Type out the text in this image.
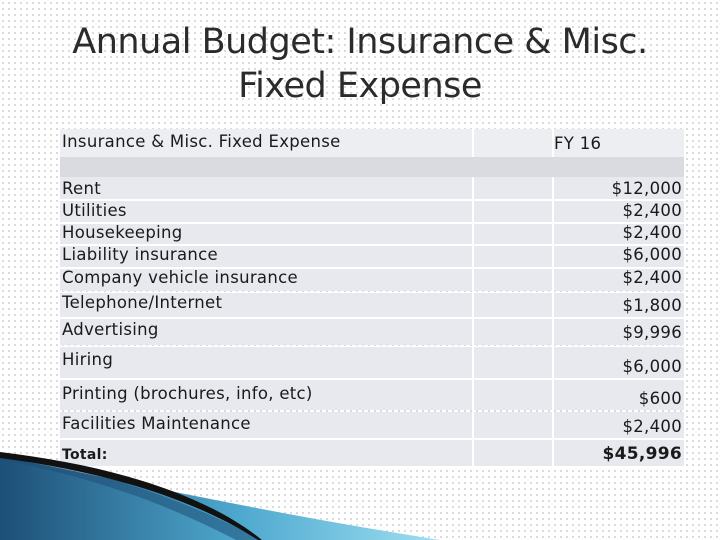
Annual Budget: Insurance & Misc.
Fixed Expense
Insurance & Misc. Fixed Expense	FY 16
Rent	$12,000
Utilities	$2,400
Housekeeping	$2,400
Liability insurance	$6,000
Company vehicle insurance	$2,400
Telephone/Internet	$1,800
Advertising	$9,996
Hiring	$6,000
Printing (brochures, info, etc)	$600
Facilities Maintenance	$2,400
Total:	$45,996
